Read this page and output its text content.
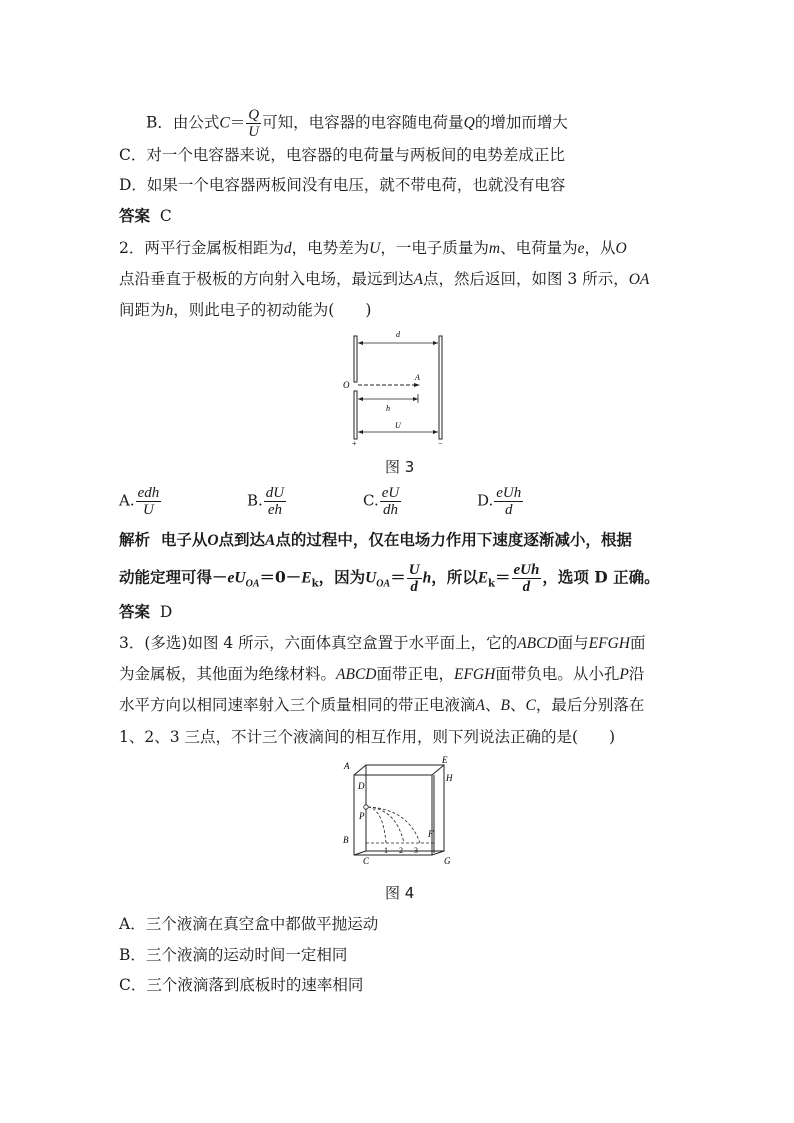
B．由公式$C= \frac{Q}{U}$ 可知，电容器的电容随电荷量Q的增加而增大
C．对一个电容器来说，电容器的电荷量与两板间的电势差成正比
D．如果一个电容器两板间没有电压，就不带电荷，也就没有电容
答案 C
2．两平行金属板相距为d，电势差为U，一电子质量为m、电荷量为e，从O
点沿垂直于极板的方向射入电场，最远到达A点，然后返回，如图 3 所示，OA
间距为h，则此电子的初动能为(　　)
d
O
A
h
U
+	−
图 3
A. $\frac{\text{edh}}{U}$	B. $\frac{dU}{eh}$	C. $\frac{eU}{dh}$	D. $\frac{\text{eUh}}{d}$
解析 电子从O点到达A点的过程中，仅在电场力作用下速度逐渐减小，根据
动能定理可得$-eU_{OA}=0-E_k$，因为$U_{OA}= \frac{U}{d}$ h，所以$E_k= \frac{\text{eUh}}{d}$ ，选项 D 正确。
答案 D
3．(多选)如图 4 所示，六面体真空盒置于水平面上，它的ABCD面与EFGH面
为金属板，其他面为绝缘材料。ABCD面带正电，EFGH面带负电。从小孔P沿
水平方向以相同速率射入三个质量相同的带正电液滴A、B、C，最后分别落在
1、2、3 三点，不计三个液滴间的相互作用，则下列说法正确的是(　　)
A
E
H
D
P
B
F
C	G
1 2 3
图 4
A．三个液滴在真空盒中都做平抛运动
B．三个液滴的运动时间一定相同
C．三个液滴落到底板时的速率相同
